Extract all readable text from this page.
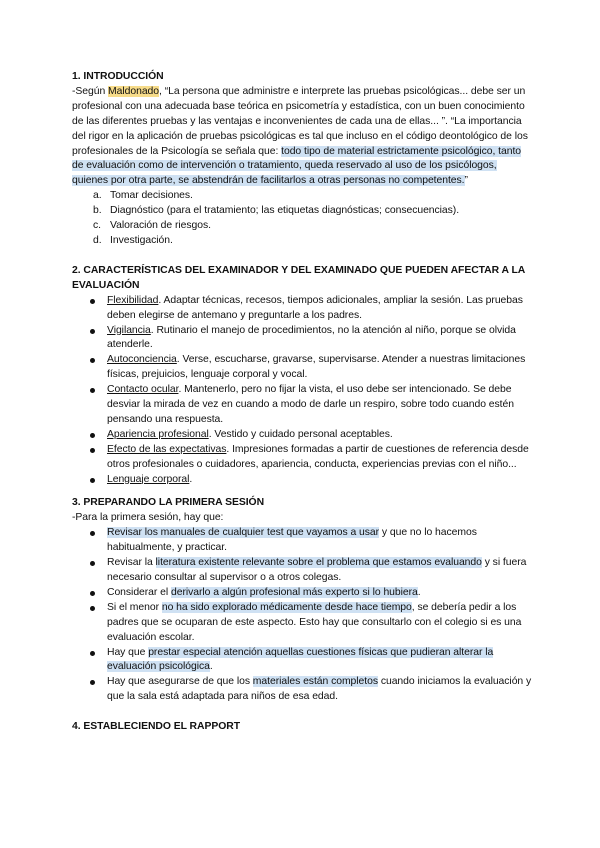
1. INTRODUCCIÓN

-Según Maldonado, “La persona que administre e interprete las pruebas psicológicas... debe ser un profesional con una adecuada base teórica en psicometría y estadística, con un buen conocimiento de las diferentes pruebas y las ventajas e inconvenientes de cada una de ellas... ”. “La importancia del rigor en la aplicación de pruebas psicológicas es tal que incluso en el código deontológico de los profesionales de la Psicología se señala que: todo tipo de material estrictamente psicológico, tanto de evaluación como de intervención o tratamiento, queda reservado al uso de los psicólogos, quienes por otra parte, se abstendrán de facilitarlos a otras personas no competentes.”

a. Tomar decisiones.
b. Diagnóstico (para el tratamiento; las etiquetas diagnósticas; consecuencias).
c. Valoración de riesgos.
d. Investigación.
2. CARACTERÍSTICAS DEL EXAMINADOR Y DEL EXAMINADO QUE PUEDEN AFECTAR A LA EVALUACIÓN
Flexibilidad. Adaptar técnicas, recesos, tiempos adicionales, ampliar la sesión. Las pruebas deben elegirse de antemano y preguntarle a los padres.
Vigilancia. Rutinario el manejo de procedimientos, no la atención al niño, porque se olvida atenderle.
Autoconciencia. Verse, escucharse, gravarse, supervisarse. Atender a nuestras limitaciones físicas, prejuicios, lenguaje corporal y vocal.
Contacto ocular. Mantenerlo, pero no fijar la vista, el uso debe ser intencionado. Se debe desviar la mirada de vez en cuando a modo de darle un respiro, sobre todo cuando estén pensando una respuesta.
Apariencia profesional. Vestido y cuidado personal aceptables.
Efecto de las expectativas. Impresiones formadas a partir de cuestiones de referencia desde otros profesionales o cuidadores, apariencia, conducta, experiencias previas con el niño...
Lenguaje corporal.
3. PREPARANDO LA PRIMERA SESIÓN

-Para la primera sesión, hay que:

Revisar los manuales de cualquier test que vayamos a usar y que no lo hacemos habitualmente, y practicar.
Revisar la literatura existente relevante sobre el problema que estamos evaluando y si fuera necesario consultar al supervisor o a otros colegas.
Considerar el derivarlo a algún profesional más experto si lo hubiera.
Si el menor no ha sido explorado médicamente desde hace tiempo, se debería pedir a los padres que se ocuparan de este aspecto. Esto hay que consultarlo con el colegio si es una evaluación escolar.
Hay que prestar especial atención aquellas cuestiones físicas que pudieran alterar la evaluación psicológica.
Hay que asegurarse de que los materiales están completos cuando iniciamos la evaluación y que la sala está adaptada para niños de esa edad.
4. ESTABLECIENDO EL RAPPORT
